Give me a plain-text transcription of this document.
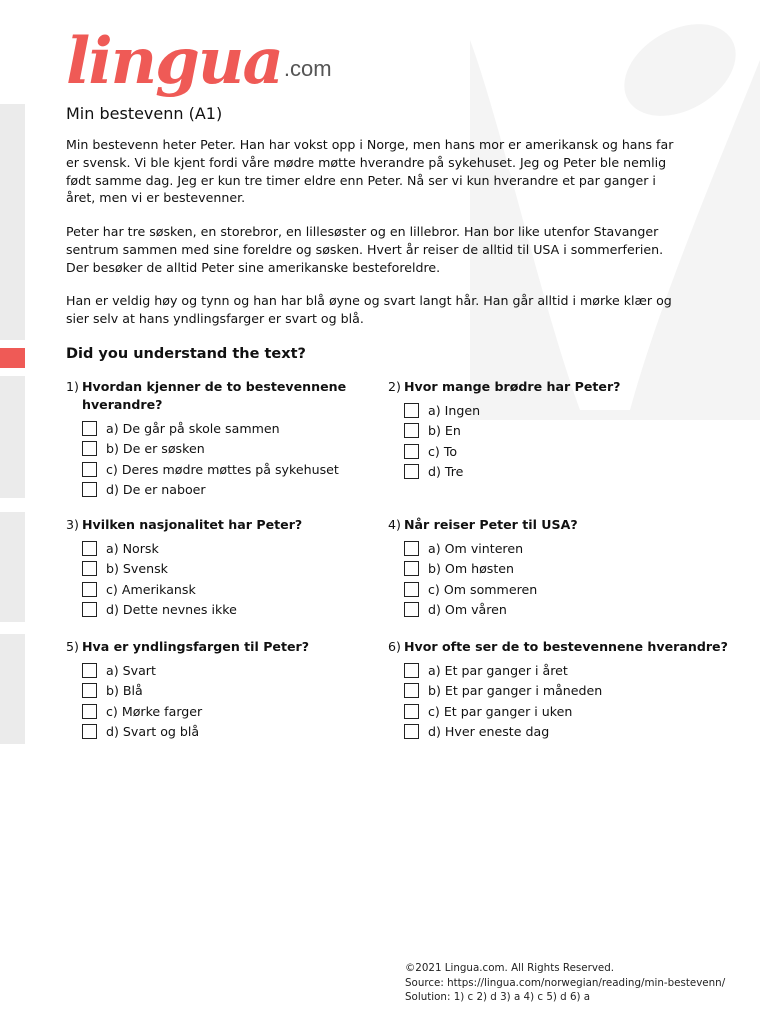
lingua .com
Min bestevenn (A1)

Min bestevenn heter Peter. Han har vokst opp i Norge, men hans mor er amerikansk og hans far er svensk. Vi ble kjent fordi våre mødre møtte hverandre på sykehuset. Jeg og Peter ble nemlig født samme dag. Jeg er kun tre timer eldre enn Peter. Nå ser vi kun hverandre et par ganger i året, men vi er bestevenner.

Peter har tre søsken, en storebror, en lillesøster og en lillebror. Han bor like utenfor Stavanger sentrum sammen med sine foreldre og søsken. Hvert år reiser de alltid til USA i sommerferien. Der besøker de alltid Peter sine amerikanske besteforeldre.

Han er veldig høy og tynn og han har blå øyne og svart langt hår. Han går alltid i mørke klær og sier selv at hans yndlingsfarger er svart og blå.

Did you understand the text?
1) Hvordan kjenner de to bestevennene hverandre?
a) De går på skole sammen
b) De er søsken
c) Deres mødre møttes på sykehuset
d) De er naboer
2) Hvor mange brødre har Peter?
a) Ingen
b) En
c) To
d) Tre
3) Hvilken nasjonalitet har Peter?
a) Norsk
b) Svensk
c) Amerikansk
d) Dette nevnes ikke
4) Når reiser Peter til USA?
a) Om vinteren
b) Om høsten
c) Om sommeren
d) Om våren
5) Hva er yndlingsfargen til Peter?
a) Svart
b) Blå
c) Mørke farger
d) Svart og blå
6) Hvor ofte ser de to bestevennene hverandre?
a) Et par ganger i året
b) Et par ganger i måneden
c) Et par ganger i uken
d) Hver eneste dag
©2021 Lingua.com. All Rights Reserved.
Source: https://lingua.com/norwegian/reading/min-bestevenn/
Solution: 1) c 2) d 3) a 4) c 5) d 6) a
